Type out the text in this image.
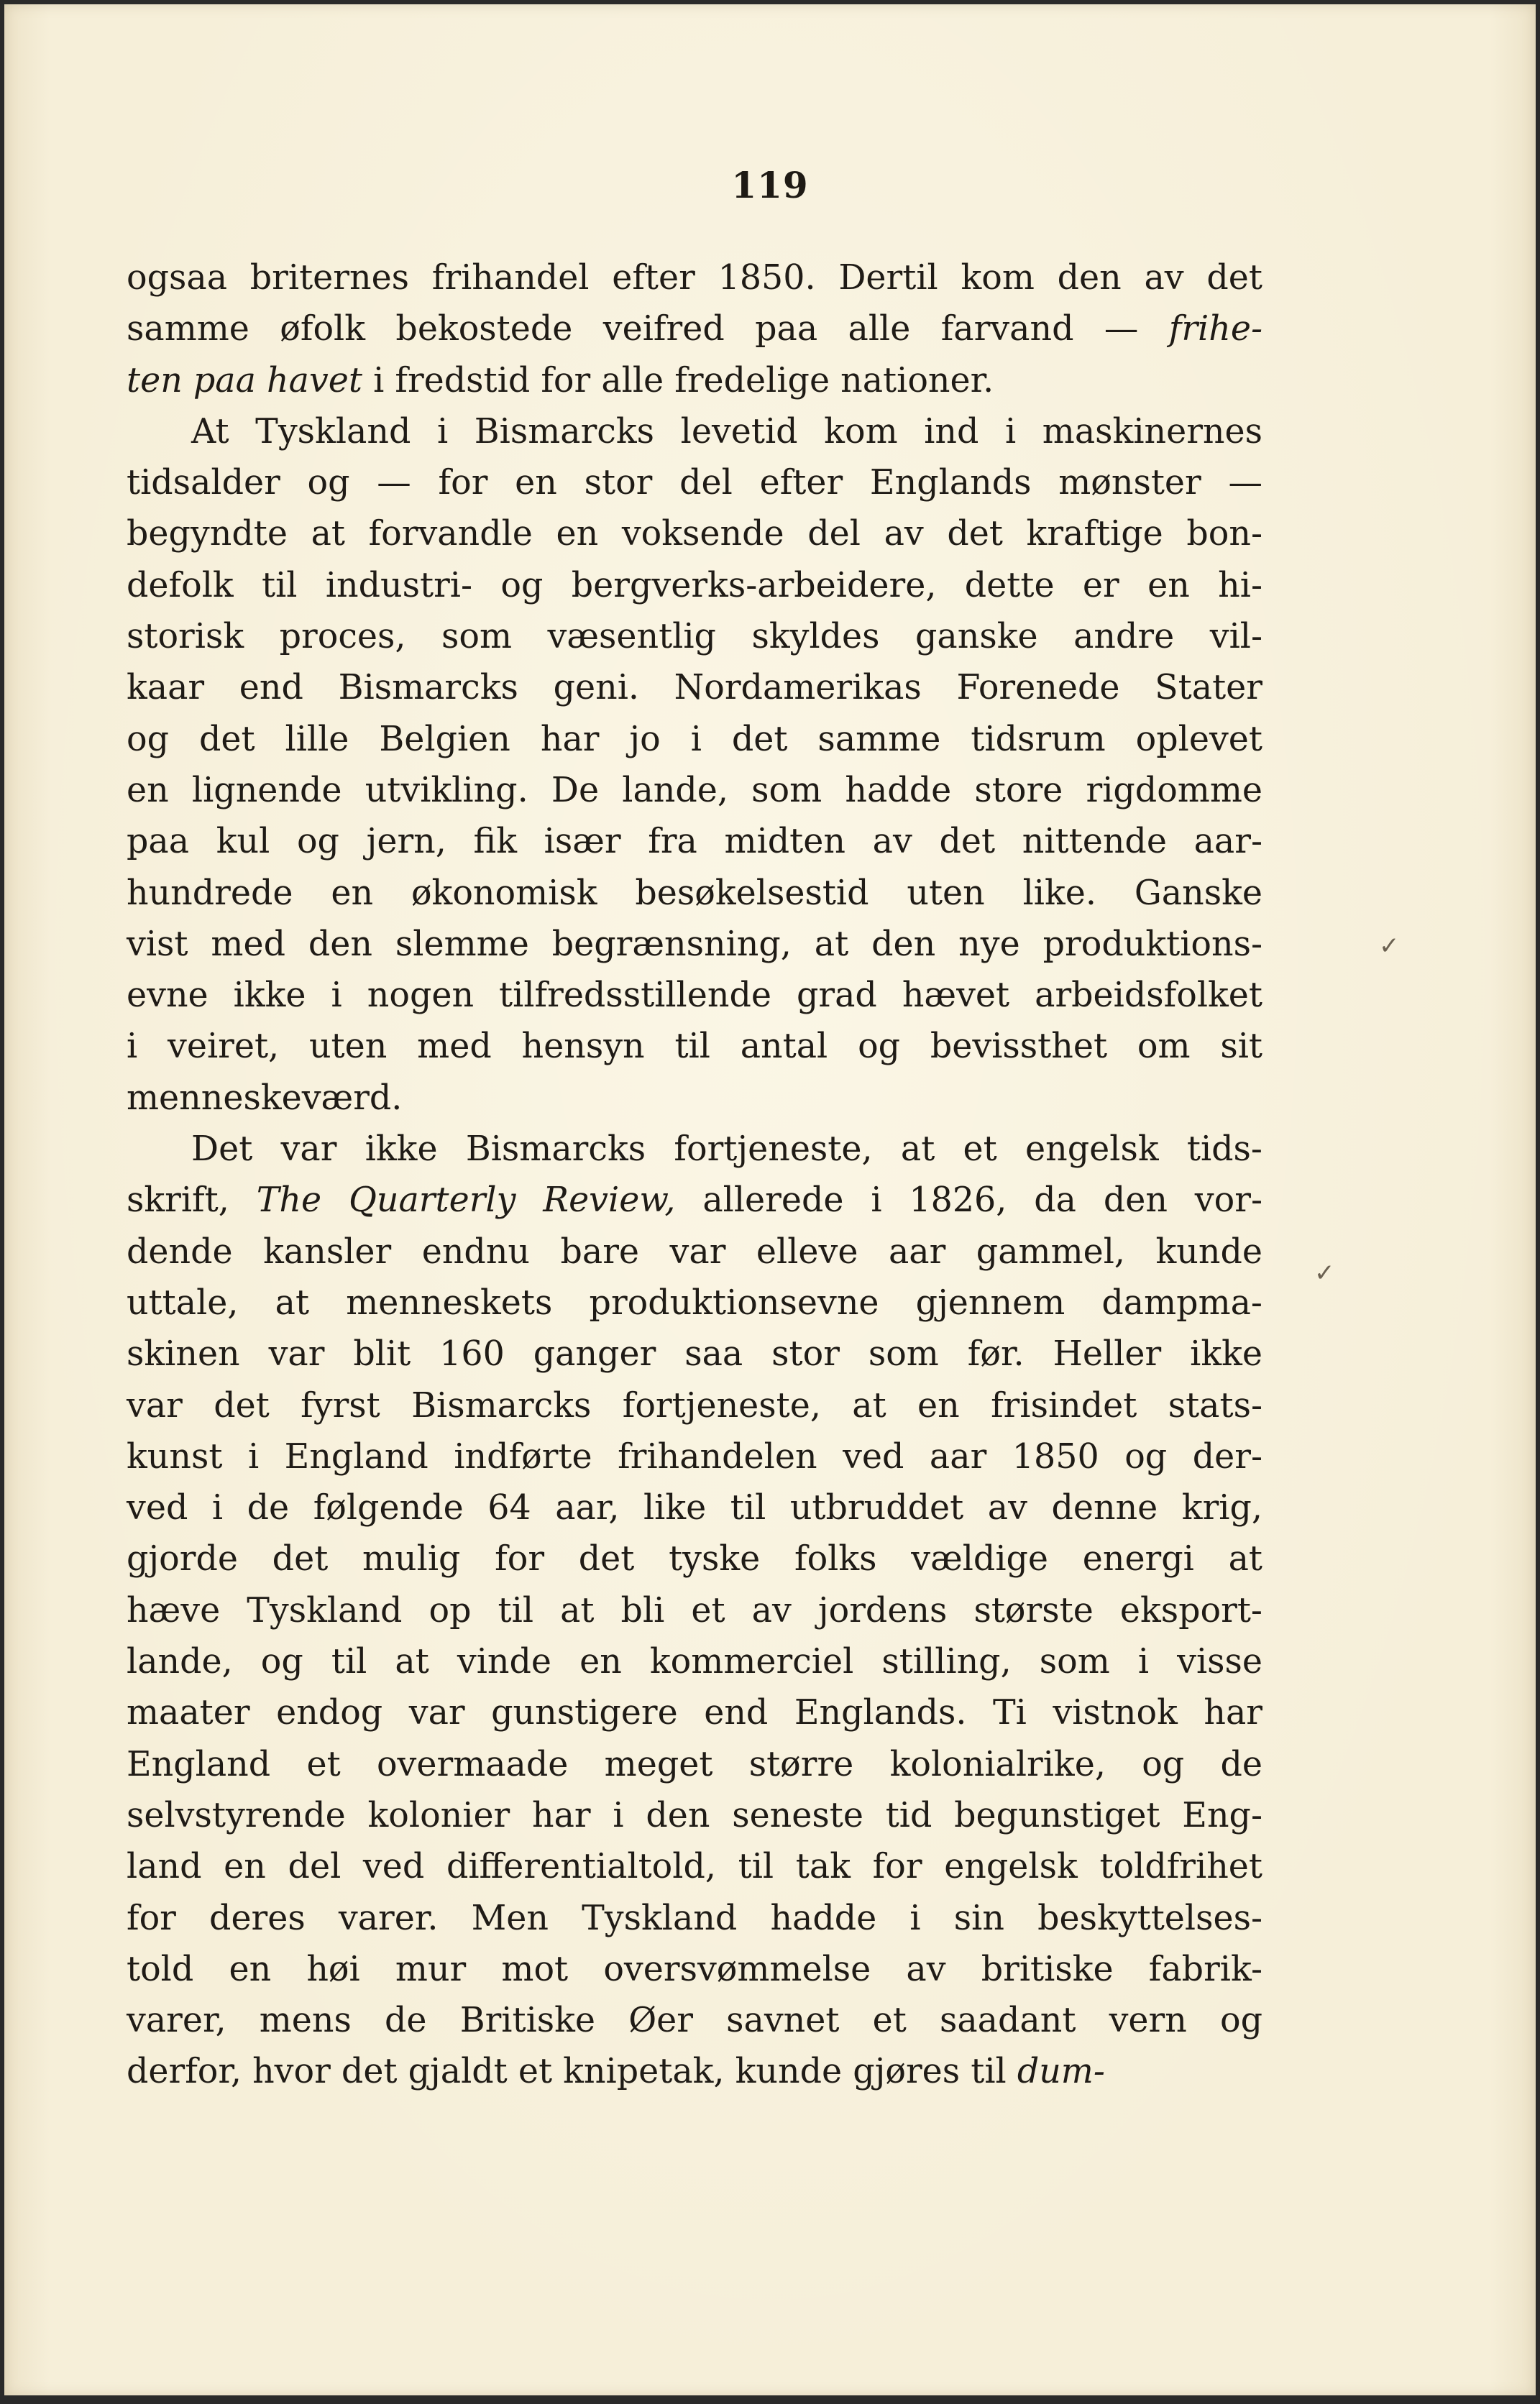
119
ogsaa briternes frihandel efter 1850. Dertil kom den av det
samme øfolk bekostede veifred paa alle farvand — frihe-
ten paa havet i fredstid for alle fredelige nationer.
At Tyskland i Bismarcks levetid kom ind i maskinernes
tidsalder og — for en stor del efter Englands mønster —
begyndte at forvandle en voksende del av det kraftige bon-
defolk til industri- og bergverks-arbeidere, dette er en hi-
storisk proces, som væsentlig skyldes ganske andre vil-
kaar end Bismarcks geni. Nordamerikas Forenede Stater
og det lille Belgien har jo i det samme tidsrum oplevet
en lignende utvikling. De lande, som hadde store rigdomme
paa kul og jern, fik især fra midten av det nittende aar-
hundrede en økonomisk besøkelsestid uten like. Ganske
vist med den slemme begrænsning, at den nye produktions-
evne ikke i nogen tilfredsstillende grad hævet arbeidsfolket
i veiret, uten med hensyn til antal og bevissthet om sit
menneskeværd.
Det var ikke Bismarcks fortjeneste, at et engelsk tids-
skrift, The Quarterly Review, allerede i 1826, da den vor-
dende kansler endnu bare var elleve aar gammel, kunde
uttale, at menneskets produktionsevne gjennem dampma-
skinen var blit 160 ganger saa stor som før. Heller ikke
var det fyrst Bismarcks fortjeneste, at en frisindet stats-
kunst i England indførte frihandelen ved aar 1850 og der-
ved i de følgende 64 aar, like til utbruddet av denne krig,
gjorde det mulig for det tyske folks vældige energi at
hæve Tyskland op til at bli et av jordens største eksport-
lande, og til at vinde en kommerciel stilling, som i visse
maater endog var gunstigere end Englands. Ti vistnok har
England et overmaade meget større kolonialrike, og de
selvstyrende kolonier har i den seneste tid begunstiget Eng-
land en del ved differentialtold, til tak for engelsk toldfrihet
for deres varer. Men Tyskland hadde i sin beskyttelses-
told en høi mur mot oversvømmelse av britiske fabrik-
varer, mens de Britiske Øer savnet et saadant vern og
derfor, hvor det gjaldt et knipetak, kunde gjøres til dum-
✓
✓
